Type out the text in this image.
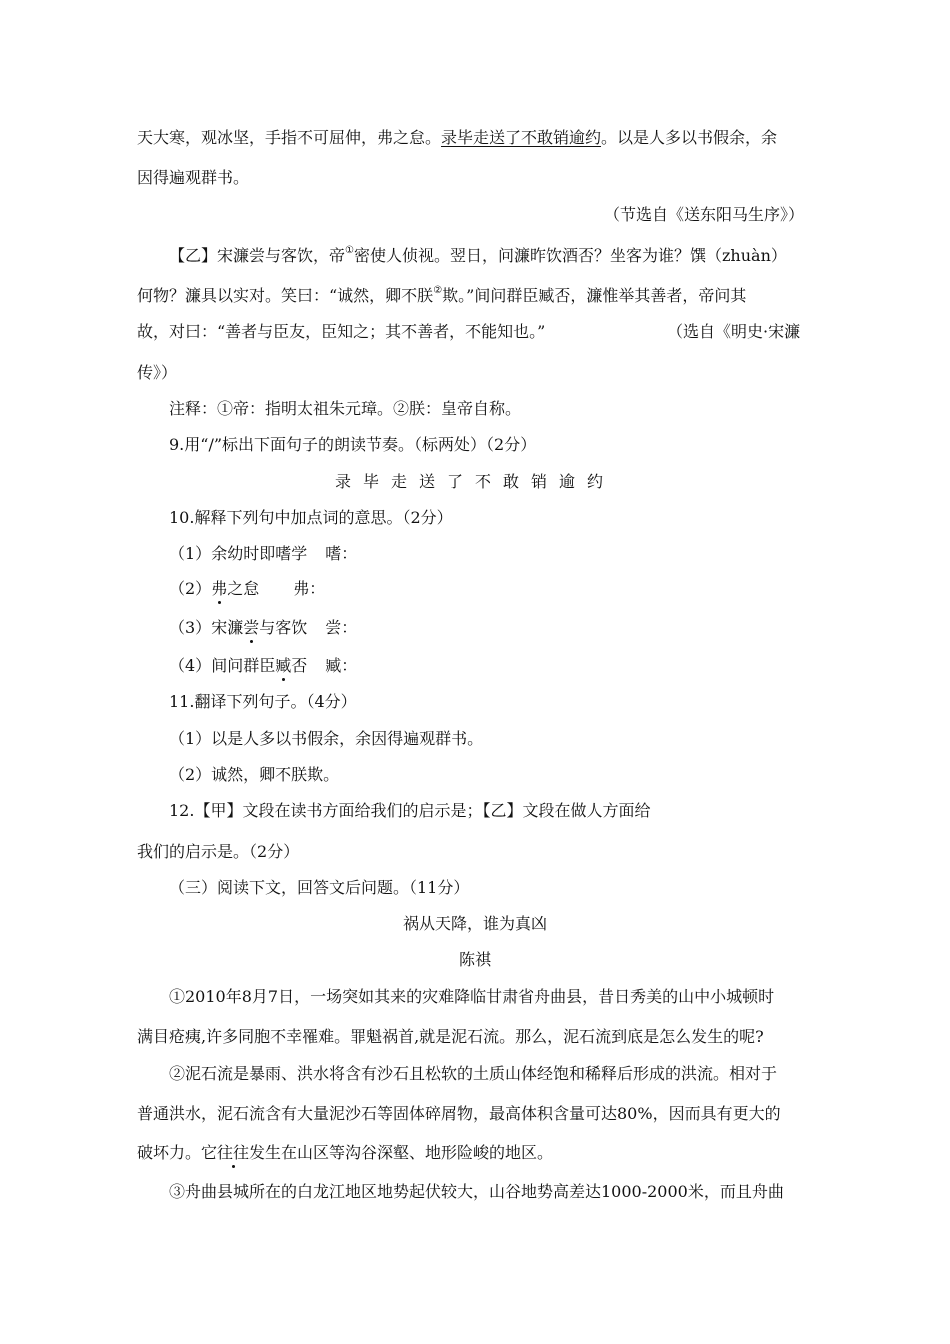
天大寒，观冰坚，手指不可屈伸，弗之怠。录毕走送了不敢销逾约。以是人多以书假余，余
因得遍观群书。
（节选自《送东阳马生序》）
【乙】宋濂尝与客饮，帝①密使人侦视。翌日，问濂昨饮酒否？坐客为谁？馔（zhuàn）
何物？濂具以实对。笑曰：“诚然，卿不朕②欺。”间问群臣臧否，濂惟举其善者，帝问其
故，对曰：“善者与臣友，臣知之；其不善者，不能知也。”	（选自《明史·宋濂
传》）
注释：①帝：指明太祖朱元璋。②朕：皇帝自称。
9.用“/”标出下面句子的朗读节奏。（标两处）（2分）
录毕走送了不敢销逾约
10.解释下列句中加点词的意思。（2分）
（1）余幼时即嗜学 嗜：
（2）弗之怠 弗：
（3）宋濂尝与客饮 尝：
（4）间问群臣臧否 臧：
11.翻译下列句子。（4分）
（1）以是人多以书假余，余因得遍观群书。
（2）诚然，卿不朕欺。
12.【甲】文段在读书方面给我们的启示是；【乙】文段在做人方面给
我们的启示是。（2分）
（三）阅读下文，回答文后问题。（11分）
祸从天降，谁为真凶
陈祺
①2010年8月7日，一场突如其来的灾难降临甘肃省舟曲县，昔日秀美的山中小城顿时
满目疮痍,许多同胞不幸罹难。罪魁祸首,就是泥石流。那么，泥石流到底是怎么发生的呢?
②泥石流是暴雨、洪水将含有沙石且松软的土质山体经饱和稀释后形成的洪流。相对于
普通洪水，泥石流含有大量泥沙石等固体碎屑物，最高体积含量可达80%，因而具有更大的
破坏力。它往往发生在山区等沟谷深壑、地形险峻的地区。
③舟曲县城所在的白龙江地区地势起伏较大，山谷地势高差达1000-2000米，而且舟曲
